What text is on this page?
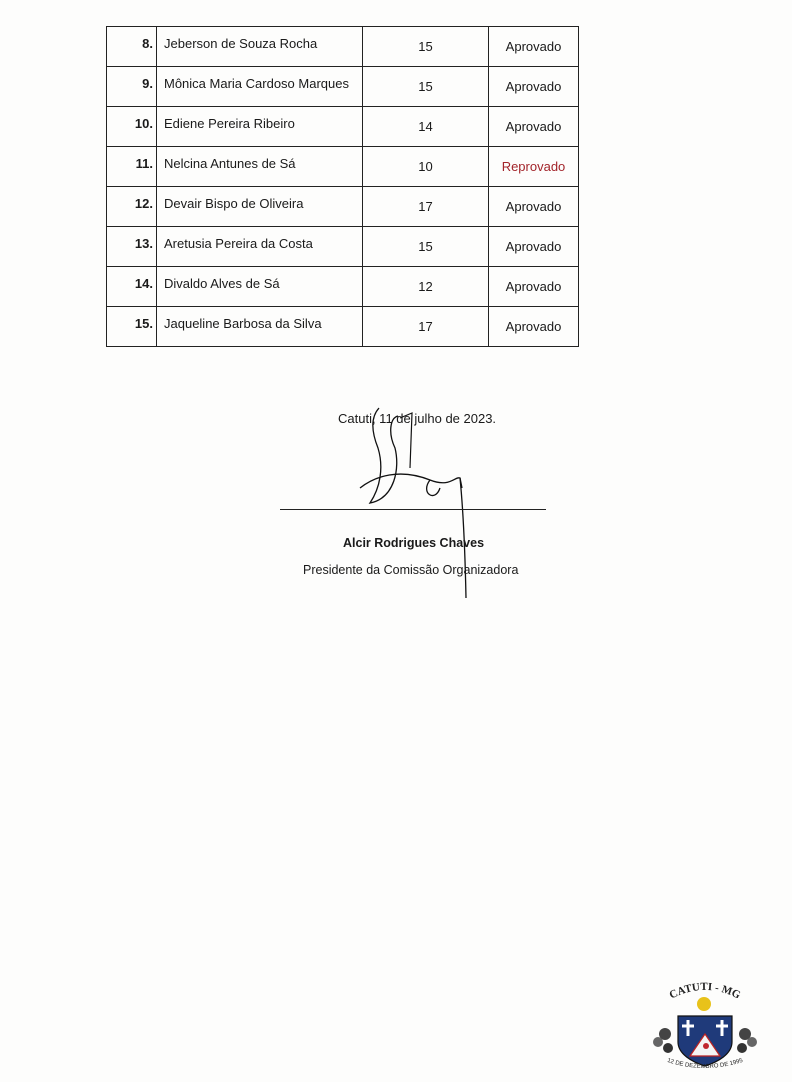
8.	Jeberson de Souza Rocha	15	Aprovado
9.	Mônica Maria Cardoso Marques	15	Aprovado
10.	Ediene Pereira Ribeiro	14	Aprovado
11.	Nelcina Antunes de Sá	10	Reprovado
12.	Devair Bispo de Oliveira	17	Aprovado
13.	Aretusia Pereira da Costa	15	Aprovado
14.	Divaldo Alves de Sá	12	Aprovado
15.	Jaqueline Barbosa da Silva	17	Aprovado
Catuti, 11 de julho de 2023.
Alcir Rodrigues Chaves
Presidente da Comissão Organizadora
CATUTI - MG
12 DE DEZEMBRO DE 1995
